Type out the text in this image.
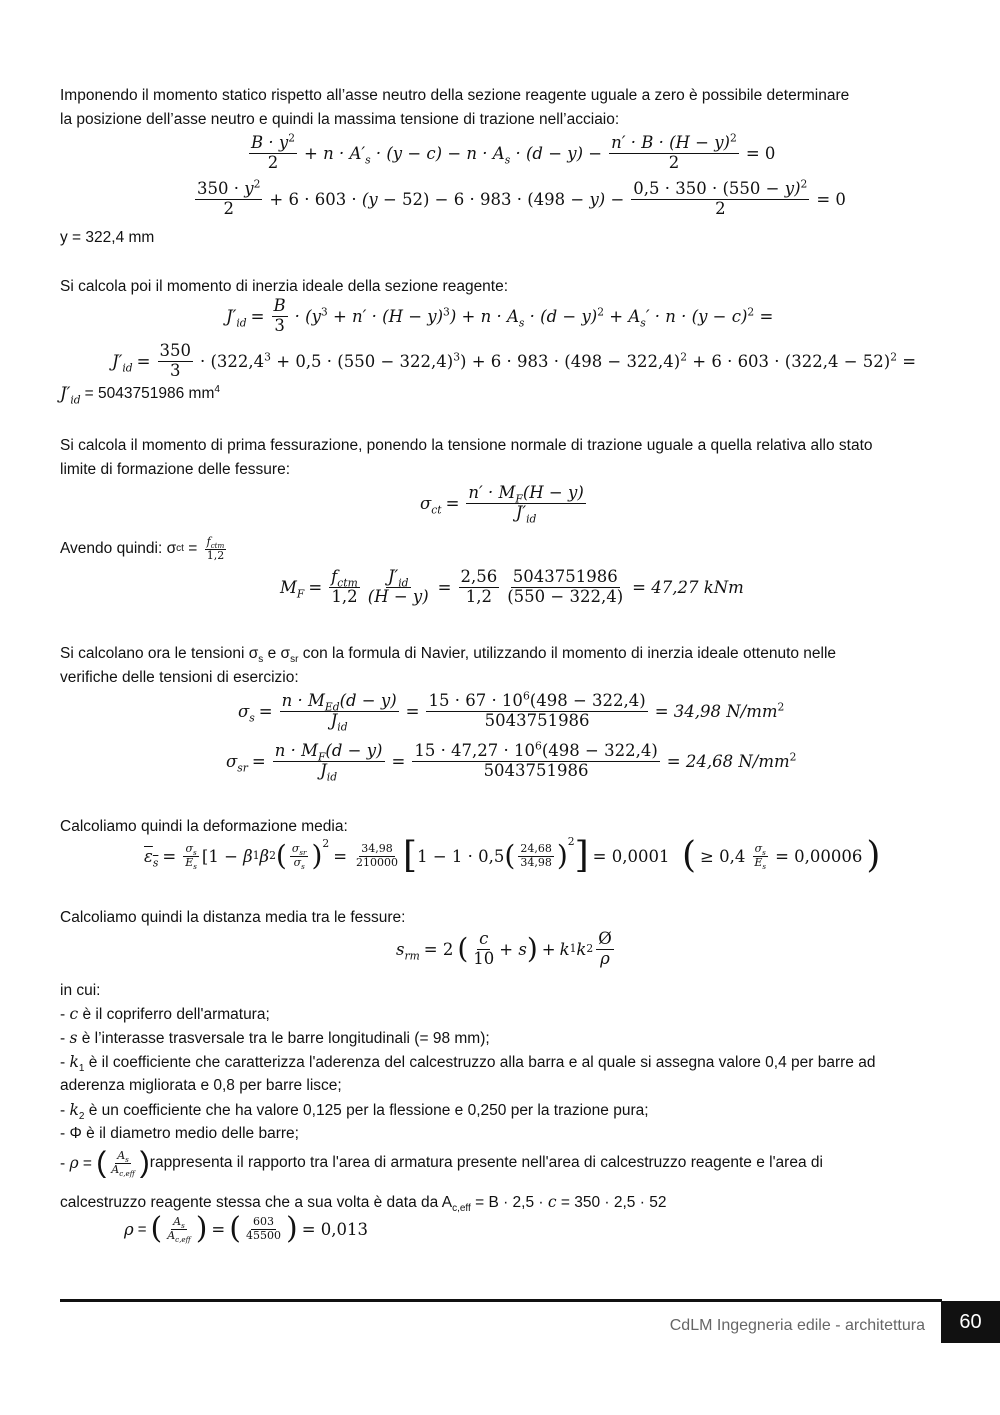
Imponendo il momento statico rispetto all’asse neutro della sezione reagente uguale a zero è possibile determinare
la posizione dell’asse neutro e quindi la massima tensione di trazione nell’acciaio:
$\frac{B \cdot y^2}{2} + n \cdot A'_s \cdot (y - c) - n \cdot A_s \cdot (d - y) - \frac{n' \cdot B \cdot (H - y)^2}{2} = 0$
$\frac{350 \cdot y^2}{2} + 6 \cdot 603 \cdot (y - 52) - 6 \cdot 983 \cdot (498 - y) - \frac{0,5 \cdot 350 \cdot (550 - y)^2}{2} = 0$
y = 322,4 mm
Si calcola poi il momento di inerzia ideale della sezione reagente:
$J'_{id} = \frac{B}{3} \cdot (y^3 + n' \cdot (H - y)^3) + n \cdot A_s \cdot (d - y)^2 + A_s' \cdot n \cdot (y - c)^2$ =
$J'_{id} = \frac{350}{3} \cdot (322,4^3 + 0,5 \cdot (550 - 322,4)^3) + 6 \cdot 983 \cdot (498 - 322,4)^2 + 6 \cdot 603 \cdot (322,4 - 52)^2$ =
$J'_{id} = 5043751986$ $mm^4$
Si calcola il momento di prima fessurazione, ponendo la tensione normale di trazione uguale a quella relativa allo stato
limite di formazione delle fessure:
$\sigma_{ct} = \frac{n' \cdot M_F(H - y)}{J'_{id}}$
Avendo quindi: σ ct = $\frac{f_{ctm}}{1,2}$
$M_F = \frac{f_{ctm}}{1,2} \frac{J'_{id}}{(H - y)} = \frac{2,56}{1,2} \frac{5043751986}{(550 - 322,4)} = 47,27$ kNm
Si calcolano ora le tensioni $\sigma_s$ e $\sigma_{sr}$ con la formula di Navier, utilizzando il momento di inerzia ideale ottenuto nelle
verifiche delle tensioni di esercizio:
$\sigma_s = \frac{n \cdot M_{Ed}(d - y)}{J_{id}} = \frac{15 \cdot 67 \cdot 10^6(498 - 322,4)}{5043751986} = 34,98$ $N/mm^2$
$\sigma_{sr} = \frac{n \cdot M_F(d - y)}{J_{id}} = \frac{15 \cdot 47,27 \cdot 10^6(498 - 322,4)}{5043751986} = 24,68$ $N/mm^2$
Calcoliamo quindi la deformazione media:
$\varepsilon_s = \frac{\sigma_s}{E_s} [1 - \beta$ 1 β 2 ( $\frac{\sigma_{sr}}{\sigma_s}$ ) 2
= $\frac{34,98}{210000}$ [ 1 − 1 · 0,5 ( $\frac{24,68}{34,98}$ ) 2 ] = 0,0001 ( ≥ $0,4 \frac{\sigma_s}{E_s} = 0,00006$ )
Calcoliamo quindi la distanza media tra le fessure:
$s_{rm} = 2$ ( $\frac{c}{10} + s$ ) + k 1 k $2 \frac{Ø}{\rho}$
in cui:
- c è il copriferro dell'armatura;
- s è l’interasse trasversale tra le barre longitudinali (= 98 mm);
- $k_1$ è il coefficiente che caratterizza l'aderenza del calcestruzzo alla barra e al quale si assegna valore 0,4 per barre ad
aderenza migliorata e 0,8 per barre lisce;
- $k_2$ è un coefficiente che ha valore 0,125 per la flessione e 0,250 per la trazione pura;
- Φ è il diametro medio delle barre;
- ρ = ( $\frac{A_s}{A_{c,eff}}$ ) rappresenta il rapporto tra l'area di armatura presente nell'area di calcestruzzo reagente e l'area di
calcestruzzo reagente stessa che a sua volta è data da $A_{c,eff} = B \cdot 2,5 \cdot c = 350 \cdot 2,5 \cdot 52$
ρ = ( $\frac{A_s}{A_{c,eff}}$ ) = ( $\frac{603}{45500}$ ) = 0,013
CdLM Ingegneria edile - architettura	60
